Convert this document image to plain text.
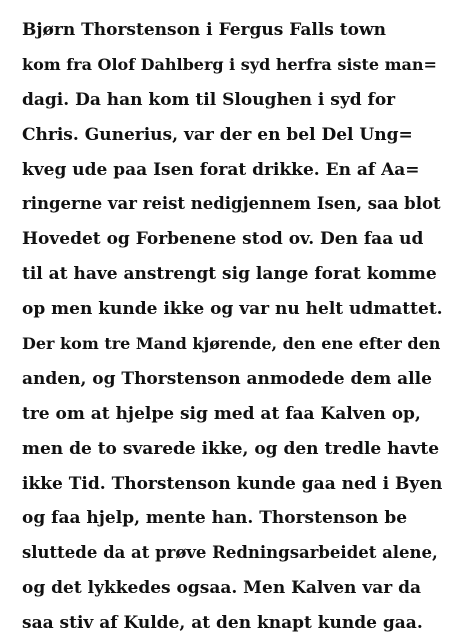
Bjørn Thorstenson i Fergus Falls town
kom fra Olof Dahlberg i syd herfra siste man=
dagi. Da han kom til Sloughen i syd for
Chris. Gunerius, var der en bel Del Ung=
kveg ude paa Isen forat drikke. En af Aa=
ringerne var reist nedigjennem Isen, saa blot
Hovedet og Forbenene stod ov. Den faa ud
til at have anstrengt sig lange forat komme
op men kunde ikke og var nu helt udmattet.
Der kom tre Mand kjørende, den ene efter den
anden, og Thorstenson anmodede dem alle
tre om at hjelpe sig med at faa Kalven op,
men de to svarede ikke, og den tredle havte
ikke Tid. Thorstenson kunde gaa ned i Byen
og faa hjelp, mente han. Thorstenson be
sluttede da at prøve Redningsarbeidet alene,
og det lykkedes ogsaa. Men Kalven var da
saa stiv af Kulde, at den knapt kunde gaa.
